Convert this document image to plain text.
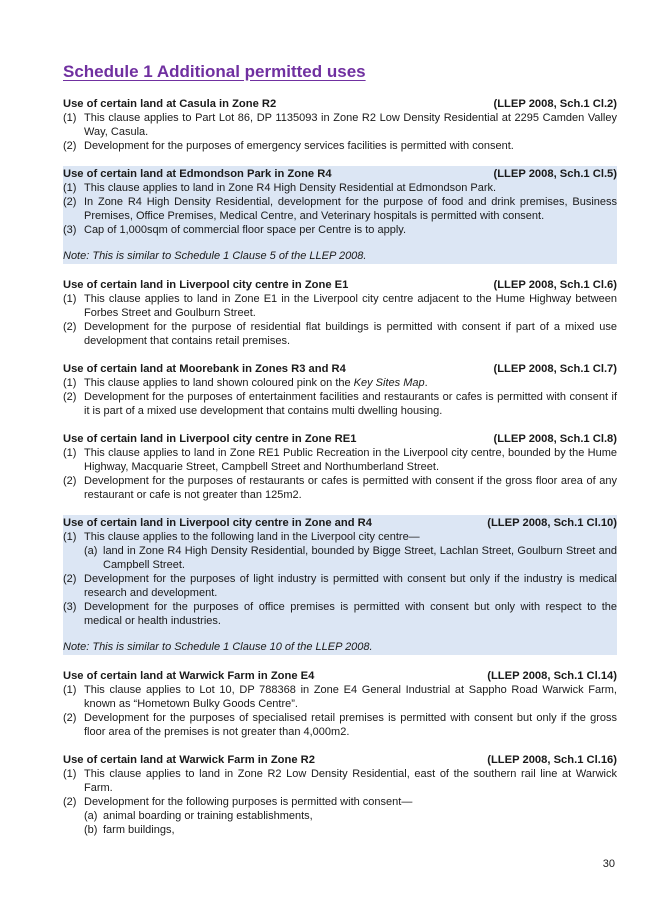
Schedule 1 Additional permitted uses
Use of certain land at Casula in Zone R2	(LLEP 2008, Sch.1 Cl.2)
(1) This clause applies to Part Lot 86, DP 1135093 in Zone R2 Low Density Residential at 2295 Camden Valley Way, Casula.
(2) Development for the purposes of emergency services facilities is permitted with consent.
Use of certain land at Edmondson Park in Zone R4	(LLEP 2008, Sch.1 Cl.5)
(1) This clause applies to land in Zone R4 High Density Residential at Edmondson Park.
(2) In Zone R4 High Density Residential, development for the purpose of food and drink premises, Business Premises, Office Premises, Medical Centre, and Veterinary hospitals is permitted with consent.
(3) Cap of 1,000sqm of commercial floor space per Centre is to apply.
Note: This is similar to Schedule 1 Clause 5 of the LLEP 2008.
Use of certain land in Liverpool city centre in Zone E1	(LLEP 2008, Sch.1 Cl.6)
(1) This clause applies to land in Zone E1 in the Liverpool city centre adjacent to the Hume Highway between Forbes Street and Goulburn Street.
(2) Development for the purpose of residential flat buildings is permitted with consent if part of a mixed use development that contains retail premises.
Use of certain land at Moorebank in Zones R3 and R4	(LLEP 2008, Sch.1 Cl.7)
(1) This clause applies to land shown coloured pink on the Key Sites Map.
(2) Development for the purposes of entertainment facilities and restaurants or cafes is permitted with consent if it is part of a mixed use development that contains multi dwelling housing.
Use of certain land in Liverpool city centre in Zone RE1	(LLEP 2008, Sch.1 Cl.8)
(1) This clause applies to land in Zone RE1 Public Recreation in the Liverpool city centre, bounded by the Hume Highway, Macquarie Street, Campbell Street and Northumberland Street.
(2) Development for the purposes of restaurants or cafes is permitted with consent if the gross floor area of any restaurant or cafe is not greater than 125m2.
Use of certain land in Liverpool city centre in Zone and R4	(LLEP 2008, Sch.1 Cl.10)
(1) This clause applies to the following land in the Liverpool city centre—
(a) land in Zone R4 High Density Residential, bounded by Bigge Street, Lachlan Street, Goulburn Street and Campbell Street.
(2) Development for the purposes of light industry is permitted with consent but only if the industry is medical research and development.
(3) Development for the purposes of office premises is permitted with consent but only with respect to the medical or health industries.
Note: This is similar to Schedule 1 Clause 10 of the LLEP 2008.
Use of certain land at Warwick Farm in Zone E4	(LLEP 2008, Sch.1 Cl.14)
(1) This clause applies to Lot 10, DP 788368 in Zone E4 General Industrial at Sappho Road Warwick Farm, known as “Hometown Bulky Goods Centre”.
(2) Development for the purposes of specialised retail premises is permitted with consent but only if the gross floor area of the premises is not greater than 4,000m2.
Use of certain land at Warwick Farm in Zone R2	(LLEP 2008, Sch.1 Cl.16)
(1) This clause applies to land in Zone R2 Low Density Residential, east of the southern rail line at Warwick Farm.
(2) Development for the following purposes is permitted with consent—
(a) animal boarding or training establishments,
(b) farm buildings,
30
